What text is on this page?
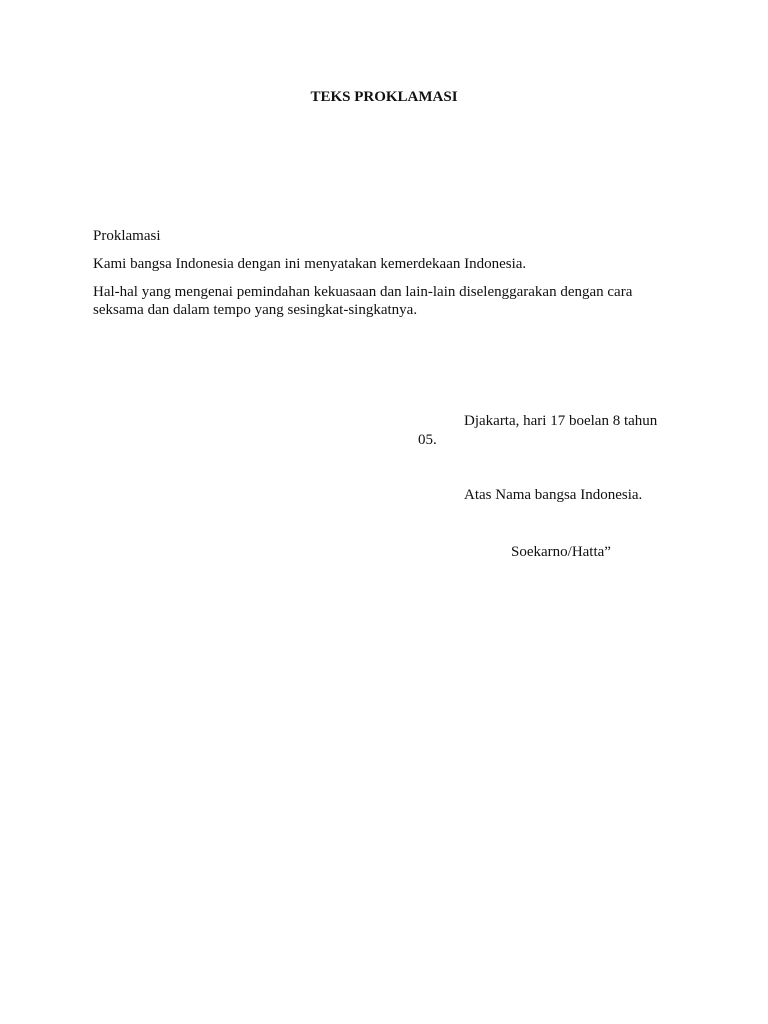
TEKS PROKLAMASI

Proklamasi

Kami bangsa Indonesia dengan ini menyatakan kemerdekaan Indonesia.

Hal-hal yang mengenai pemindahan kekuasaan dan lain-lain diselenggarakan dengan cara seksama dan dalam tempo yang sesingkat-singkatnya.

Djakarta, hari 17 boelan 8 tahun
05.
Atas Nama bangsa Indonesia.
Soekarno/Hatta”
